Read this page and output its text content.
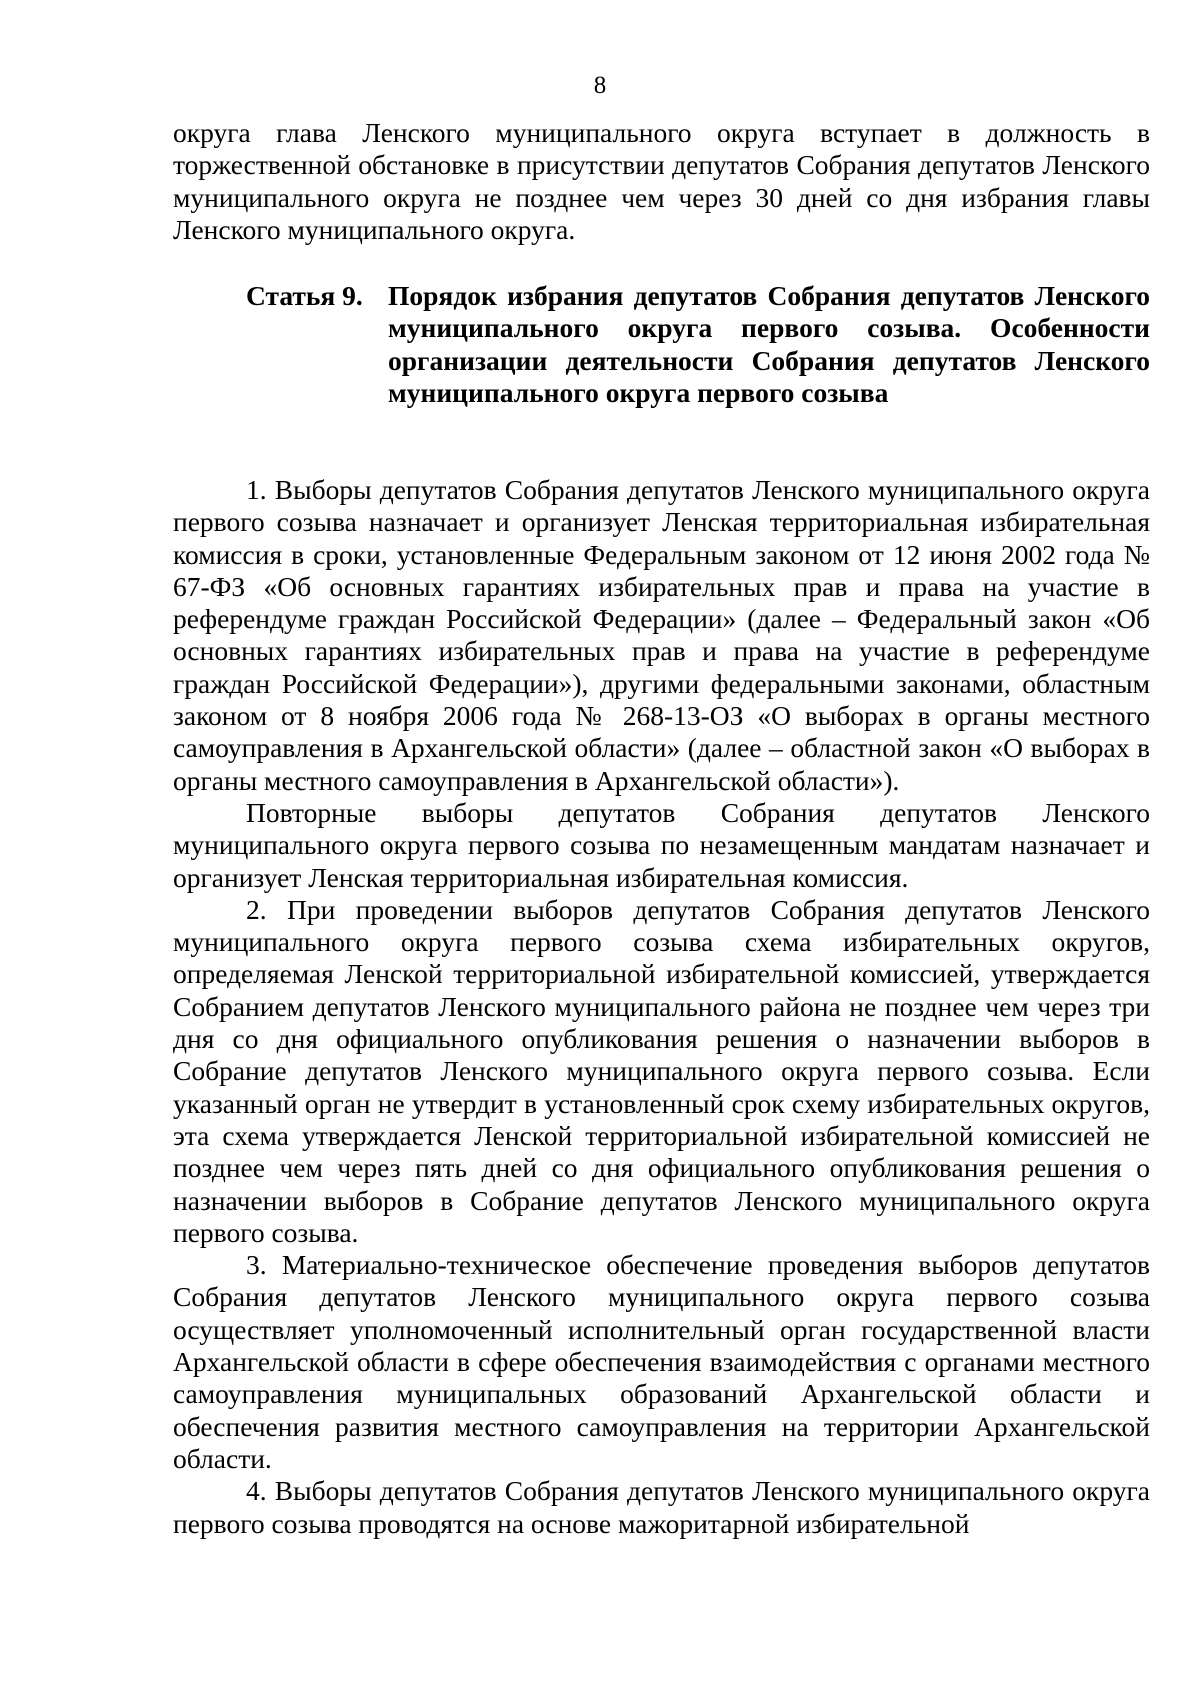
8

округа глава Ленского муниципального округа вступает в должность в торжественной обстановке в присутствии депутатов Собрания депутатов Ленского муниципального округа не позднее чем через 30 дней со дня избрания главы Ленского муниципального округа.

Статья 9. Порядок избрания депутатов Собрания депутатов Ленского муниципального округа первого созыва. Особенности организации деятельности Собрания депутатов Ленского муниципального округа первого созыва

1. Выборы депутатов Собрания депутатов Ленского муниципального округа первого созыва назначает и организует Ленская территориальная избирательная комиссия в сроки, установленные Федеральным законом от 12 июня 2002 года № 67-ФЗ «Об основных гарантиях избирательных прав и права на участие в референдуме граждан Российской Федерации» (далее – Федеральный закон «Об основных гарантиях избирательных прав и права на участие в референдуме граждан Российской Федерации»), другими федеральными законами, областным законом от 8 ноября 2006 года № 268-13-ОЗ «О выборах в органы местного самоуправления в Архангельской области» (далее – областной закон «О выборах в органы местного самоуправления в Архангельской области»).

Повторные выборы депутатов Собрания депутатов Ленского муниципального округа первого созыва по незамещенным мандатам назначает и организует Ленская территориальная избирательная комиссия.

2. При проведении выборов депутатов Собрания депутатов Ленского муниципального округа первого созыва схема избирательных округов, определяемая Ленской территориальной избирательной комиссией, утверждается Собранием депутатов Ленского муниципального района не позднее чем через три дня со дня официального опубликования решения о назначении выборов в Собрание депутатов Ленского муниципального округа первого созыва. Если указанный орган не утвердит в установленный срок схему избирательных округов, эта схема утверждается Ленской территориальной избирательной комиссией не позднее чем через пять дней со дня официального опубликования решения о назначении выборов в Собрание депутатов Ленского муниципального округа первого созыва.

3. Материально-техническое обеспечение проведения выборов депутатов Собрания депутатов Ленского муниципального округа первого созыва осуществляет уполномоченный исполнительный орган государственной власти Архангельской области в сфере обеспечения взаимодействия с органами местного самоуправления муниципальных образований Архангельской области и обеспечения развития местного самоуправления на территории Архангельской области.

4. Выборы депутатов Собрания депутатов Ленского муниципального округа первого созыва проводятся на основе мажоритарной избирательной
